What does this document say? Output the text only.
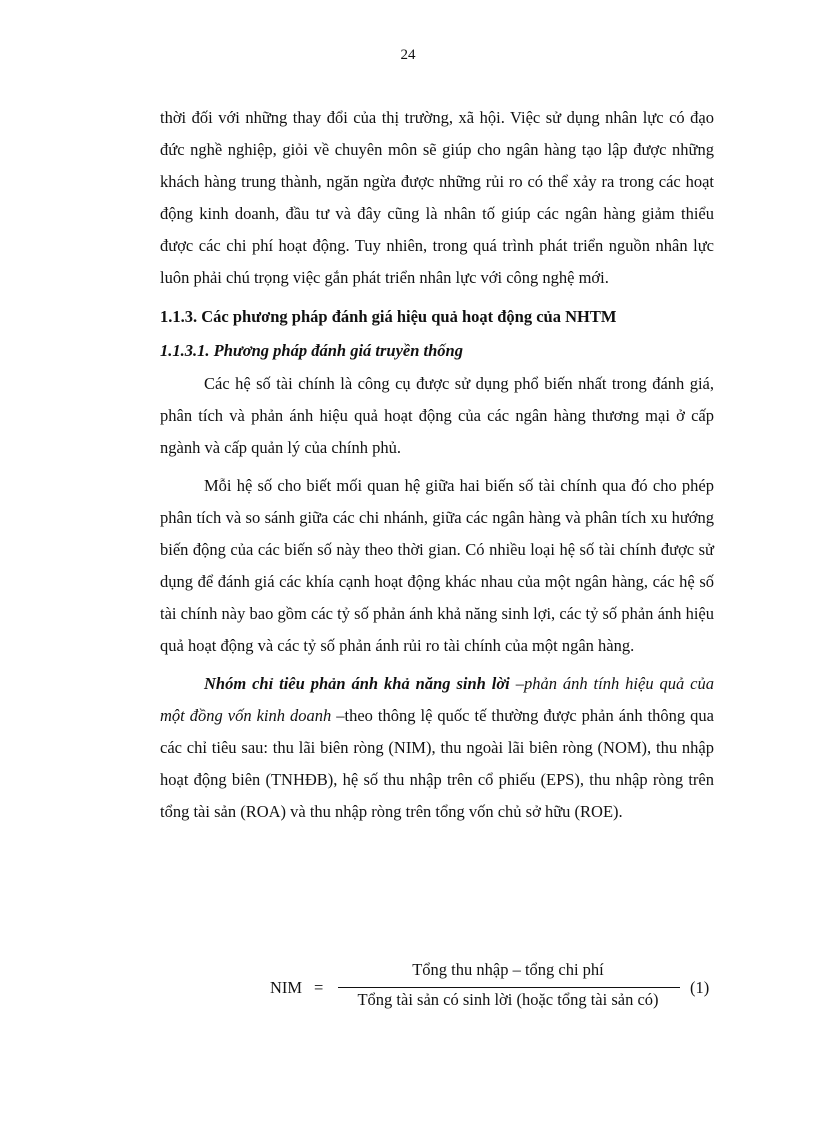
24

thời đối với những thay đổi của thị trường, xã hội. Việc sử dụng nhân lực có đạo đức nghề nghiệp, giỏi về chuyên môn sẽ giúp cho ngân hàng tạo lập được những khách hàng trung thành, ngăn ngừa được những rủi ro có thể xảy ra trong các hoạt động kinh doanh, đầu tư và đây cũng là nhân tố giúp các ngân hàng giảm thiểu được các chi phí hoạt động. Tuy nhiên, trong quá trình phát triển nguồn nhân lực luôn phải chú trọng việc gắn phát triển nhân lực với công nghệ mới.

1.1.3. Các phương pháp đánh giá hiệu quả hoạt động của NHTM
1.1.3.1. Phương pháp đánh giá truyền thống

Các hệ số tài chính là công cụ được sử dụng phổ biến nhất trong đánh giá, phân tích và phản ánh hiệu quả hoạt động của các ngân hàng thương mại ở cấp ngành và cấp quản lý của chính phủ.

Mỗi hệ số cho biết mối quan hệ giữa hai biến số tài chính qua đó cho phép phân tích và so sánh giữa các chi nhánh, giữa các ngân hàng và phân tích xu hướng biến động của các biến số này theo thời gian. Có nhiều loại hệ số tài chính được sử dụng để đánh giá các khía cạnh hoạt động khác nhau của một ngân hàng, các hệ số tài chính này bao gồm các tỷ số phản ánh khả năng sinh lợi, các tỷ số phản ánh hiệu quả hoạt động và các tỷ số phản ánh rủi ro tài chính của một ngân hàng.

Nhóm chỉ tiêu phản ánh khả năng sinh lời –phản ánh tính hiệu quả của một đồng vốn kinh doanh –theo thông lệ quốc tế thường được phản ánh thông qua các chỉ tiêu sau: thu lãi biên ròng (NIM), thu ngoài lãi biên ròng (NOM), thu nhập hoạt động biên (TNHĐB), hệ số thu nhập trên cổ phiếu (EPS), thu nhập ròng trên tổng tài sản (ROA) và thu nhập ròng trên tổng vốn chủ sở hữu (ROE).

NIM =
Tổng thu nhập – tổng chi phí
Tổng tài sản có sinh lời (hoặc tổng tài sản có)
(1)
